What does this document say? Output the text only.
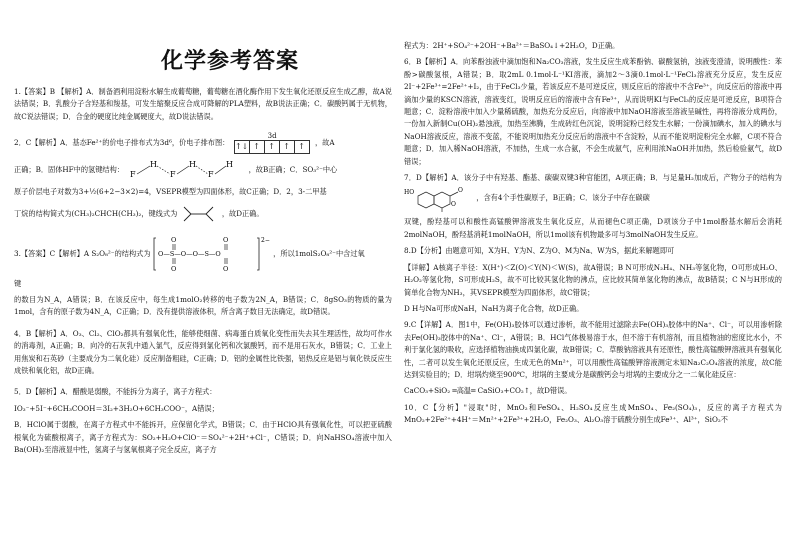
化学参考答案

1.【答案】B 【解析】A．制备酒利用淀粉水解生成葡萄糖，葡萄糖在酒化酶作用下发生氧化还原反应生成乙醇，故A说法错误；B．乳酸分子含羟基和羧基，可发生缩聚反应合成可降解的PLA塑料，故B说法正确；C．碳酸钙属于无机物，故C说法错误；D．合金的硬度比纯金属硬度大，故D说法错误。

2．C【解析】A．基态Fe²⁺的价电子排布式为3d⁶，价电子排布图：
3d
↑↓ ↑ ↑ ↑ ↑	，故A

正确；B．固体HF中的氢键结构：
F
H
F
H
F
H
，故B正确；C．SO₃²⁻中心

原子价层电子对数为3+½(6+2−3×2)=4，VSEPR模型为四面体形，故C正确；D．2，3-二甲基

丁烷的结构简式为(CH₃)₂CHCH(CH₃)₂，键线式为	，故D正确。

3.【答案】C【解析】A S₂O₈²⁻的结构式为
O	O
O—S—O—O—S—O
O	O
2−
，所以1molS₂O₈²⁻中含过氧

键

的数目为N_A，A错误；B．在该反应中，每生成1molO₂转移的电子数为2N_A，B错误；C．8gSO₃的物质的量为1mol，含有的原子数为4N_A，C正确；D．没有提供溶液体积，所含离子数目无法确定，故D错误。

4．B【解析】A．O₃、Cl₂、ClO₂都具有强氧化性，能够使细菌、病毒蛋白质氧化变性而失去其生理活性，故均可作水的消毒剂，A正确；B．向冷的石灰乳中通入氯气，反应得到氯化钙和次氯酸钙，而不是用石灰水，B错误；C．工业上用焦炭和石英砂（主要成分为二氧化硅）反应制备粗硅，C正确；D．铝的金属性比铁强，铝热反应是铝与氧化铁反应生成铁和氧化铝，故D正确。

5．D【解析】A．醋酸是弱酸，不能拆分为离子，离子方程式：

IO₃⁻+5I⁻+6CH₃COOH＝3I₂+3H₂O+6CH₃COO⁻，A错误；

B．HClO属于弱酸，在离子方程式中不能拆开，应保留化学式，B错误；C．由于HClO具有强氧化性，可以把亚硫酸根氧化为硫酸根离子，离子方程式为：SO₂+H₂O+ClO⁻＝SO₄²⁻+2H⁺+Cl⁻，C错误；D．向NaHSO₄溶液中加入Ba(OH)₂至溶液显中性，氢离子与氢氧根离子完全反应，离子方

程式为：2H⁺+SO₄²⁻+2OH⁻+Ba²⁺＝BaSO₄↓+2H₂O，D正确。

6．B【解析】A．向苯酚浊液中滴加饱和Na₂CO₃溶液，发生反应生成苯酚钠、碳酸氢钠，浊液变澄清，说明酸性：苯酚>碳酸氢根，A错误；B．取2mL 0.1mol·L⁻¹KI溶液，滴加2～3滴0.1mol·L⁻¹FeCl₃溶液充分反应，发生反应2I⁻+2Fe³⁺=2Fe²⁺+I₂，由于FeCl₃少量，若该反应不是可逆反应，则反应后的溶液中不含Fe³⁺，向反应后的溶液中再滴加少量的KSCN溶液，溶液变红，说明反应后的溶液中含有Fe³⁺，从而说明KI与FeCl₃的反应是可逆反应，B项符合题意；C．淀粉溶液中加入少量稀硫酸，加热充分反应后，向溶液中加NaOH溶液至溶液呈碱性，再将溶液分成两份，一份加入新制Cu(OH)₂悬浊液，加热至沸腾，生成砖红色沉淀，说明淀粉已经发生水解；一份滴加碘水，加入的碘水与NaOH溶液反应，溶液不变蓝，不能说明加热充分反应后的溶液中不含淀粉，从而不能说明淀粉完全水解，C项不符合题意；D．加入稀NaOH溶液，不加热，生成一水合氨，不会生成氨气，应利用浓NaOH并加热，然后检验氨气，故D错误；

7．D【解析】A．该分子中有羟基、酯基、碳碳双键3种官能团，A项正确；B．与足量H₂加成后，产物分子的结构为
HO
O
O
，含有4个手性碳原子，B正确；C．该分子中存在碳碳

双键，酚羟基可以和酸性高锰酸钾溶液发生氧化反应，从而褪色C项正确，D项该分子中1mol酚基水解后会消耗2molNaOH，酚羟基消耗1molNaOH，所以1mol该有机物最多可与3molNaOH发生反应。

8.D【分析】由题意可知，X为H、Y为N、Z为O、M为Na、W为S，据此来解题即可

【详解】A核离子半径：X(H⁺)＜Z(O)＜Y(N)＜W(S)，故A错误；B N可形成N₂H₄、NH₃等氢化物，O可形成H₂O、H₂O₂等氢化物，S可形成H₂S，故不可比较其氢化物的沸点，应比较其简单氢化物的沸点，故B错误；C N与H形成的简单化合物为NH₃，其VSEPR模型为四面体形，故C错误；

D H与Na可形成NaH，NaH为离子化合物，故D正确。

9.C【详解】A．图1中，Fe(OH)₃胶体可以通过渗析，故不能用过滤除去Fe(OH)₃胶体中的Na⁺、Cl⁻，可以用渗析除去Fe(OH)₃胶体中的Na⁺、Cl⁻，A错误；B．HCl气体极易溶于水，但不溶于有机溶剂，而且植物油的密度比水小，不利于氯化氢的吸收，应选择植物油换成四氯化碳，故B错误；C．草酸钠溶液具有还原性，酸性高锰酸钾溶液具有强氧化性，二者可以发生氧化还原反应，生成无色的Mn²⁺，可以用酸性高锰酸钾溶液测定未知Na₂C₂O₄溶液的浓度，故C能达到实验目的；D．坩埚灼烧至900℃，坩埚的主要成分是碳酸钙会与坩埚的主要成分之一二氧化硅反应：

CaCO₃+SiO₂ ═高温═ CaSiO₃+CO₂↑，故D错误。

10．C【分析】"浸取"时，MnO₂和FeSO₄、H₂SO₄反应生成MnSO₄、Fe₂(SO₄)₃，反应的离子方程式为MnO₂+2Fe²⁺+4H⁺＝Mn²⁺+2Fe³⁺+2H₂O，Fe₂O₃、Al₂O₃溶于硫酸分别生成Fe³⁺、Al³⁺，SiO₂不
